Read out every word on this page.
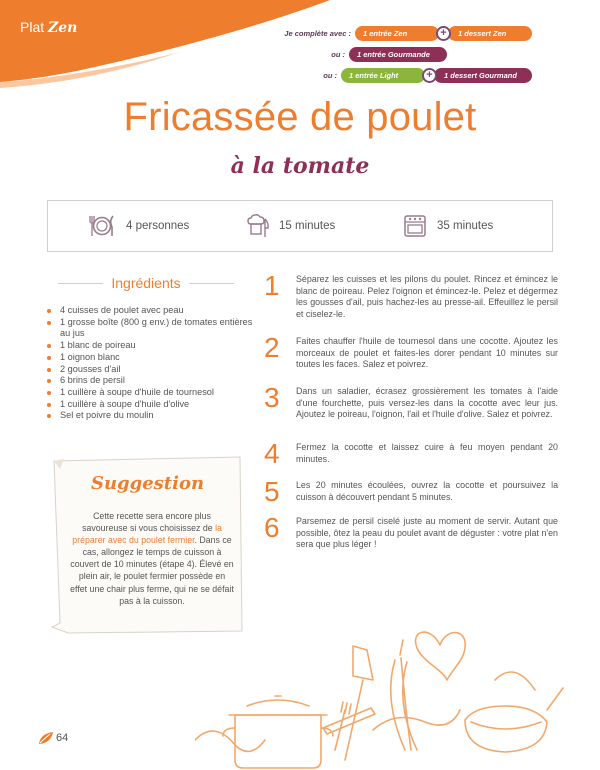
Plat Zen	Je complète avec :	1 entrée Zen	+	1 dessert Zen
ou :	1 entrée Gourmande
ou :	1 entrée Light	+	1 dessert Gourmand
Fricassée de poulet
à la tomate
4 personnes	15 minutes	35 minutes
Ingrédients
4 cuisses de poulet avec peau
1 grosse boîte (800 g env.) de tomates entières au jus
1 blanc de poireau
1 oignon blanc
2 gousses d'ail
6 brins de persil
1 cuillère à soupe d'huile de tournesol
1 cuillère à soupe d'huile d'olive
Sel et poivre du moulin
Suggestion
Cette recette sera encore plus savoureuse si vous choisissez de la préparer avec du poulet fermier. Dans ce cas, allongez le temps de cuisson à couvert de 10 minutes (étape 4). Élevé en plein air, le poulet fermier possède en effet une chair plus ferme, qui ne se défait pas à la cuisson.
1 Séparez les cuisses et les pilons du poulet. Rincez et émincez le blanc de poireau. Pelez l'oignon et émincez-le. Pelez et dégermez les gousses d'ail, puis hachez-les au presse-ail. Effeuillez le persil et ciselez-le.
2 Faites chauffer l'huile de tournesol dans une cocotte. Ajoutez les morceaux de poulet et faites-les dorer pendant 10 minutes sur toutes les faces. Salez et poivrez.
3 Dans un saladier, écrasez grossièrement les tomates à l'aide d'une fourchette, puis versez-les dans la cocotte avec leur jus. Ajoutez le poireau, l'oignon, l'ail et l'huile d'olive. Salez et poivrez.
4 Fermez la cocotte et laissez cuire à feu moyen pendant 20 minutes.
5 Les 20 minutes écoulées, ouvrez la cocotte et poursuivez la cuisson à découvert pendant 5 minutes.
6 Parsemez de persil ciselé juste au moment de servir. Autant que possible, ôtez la peau du poulet avant de déguster : votre plat n'en sera que plus léger !
64
